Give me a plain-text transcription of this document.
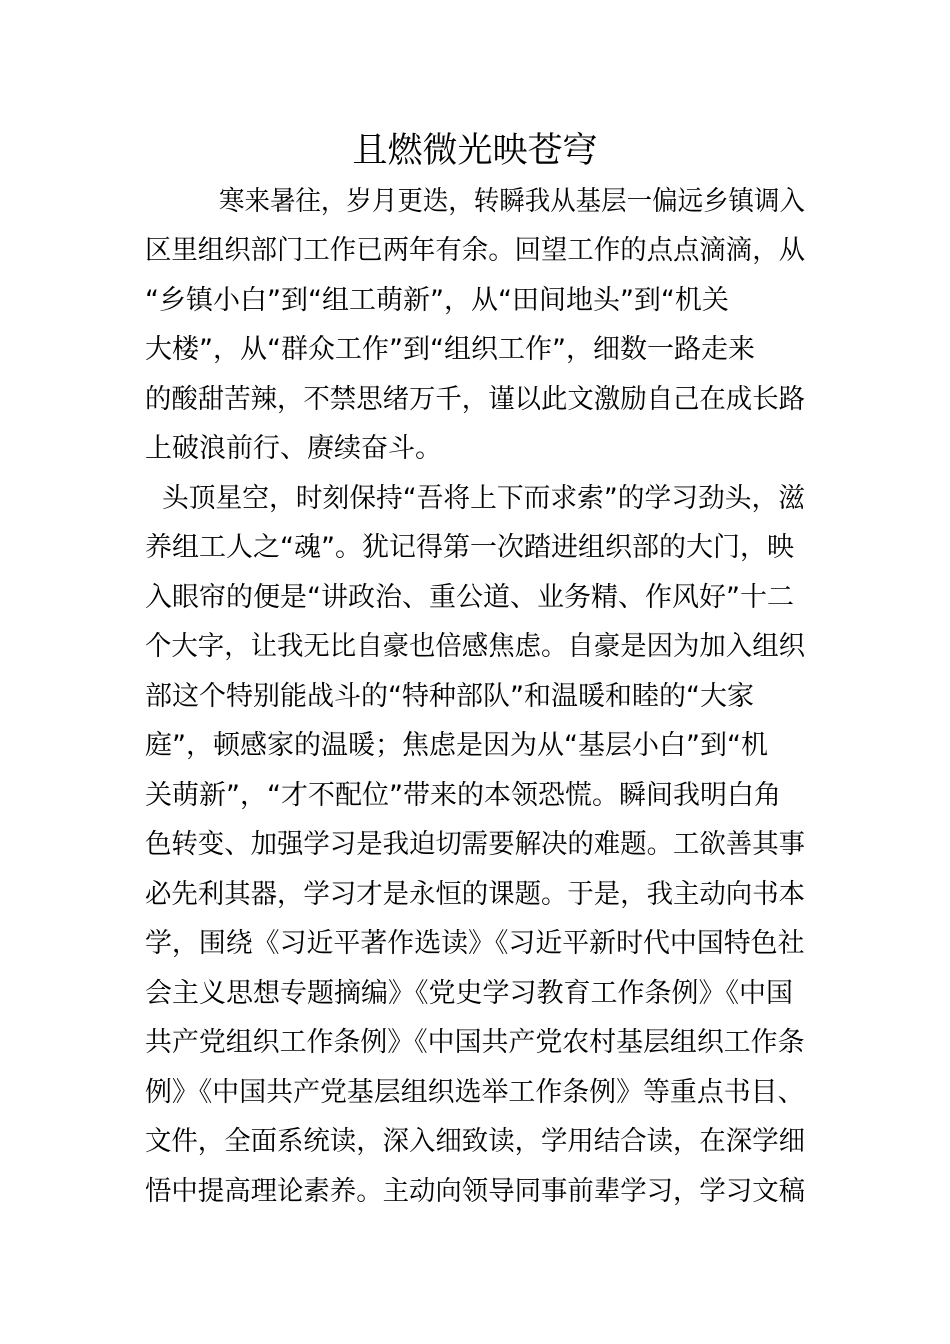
且燃微光映苍穹
寒来暑往，岁月更迭，转瞬我从基层一偏远乡镇调入
区里组织部门工作已两年有余。回望工作的点点滴滴，从
“乡镇小白”到“组工萌新”，从“田间地头”到“机关
大楼”，从“群众工作”到“组织工作”，细数一路走来
的酸甜苦辣，不禁思绪万千，谨以此文激励自己在成长路
上破浪前行、赓续奋斗。
头顶星空，时刻保持“吾将上下而求索”的学习劲头，滋
养组工人之“魂”。犹记得第一次踏进组织部的大门，映
入眼帘的便是“讲政治、重公道、业务精、作风好”十二
个大字，让我无比自豪也倍感焦虑。自豪是因为加入组织
部这个特别能战斗的“特种部队”和温暖和睦的“大家
庭”，顿感家的温暖；焦虑是因为从“基层小白”到“机
关萌新”，“才不配位”带来的本领恐慌。瞬间我明白角
色转变、加强学习是我迫切需要解决的难题。工欲善其事
必先利其器，学习才是永恒的课题。于是，我主动向书本
学，围绕《习近平著作选读》《习近平新时代中国特色社
会主义思想专题摘编》《党史学习教育工作条例》《中国
共产党组织工作条例》《中国共产党农村基层组织工作条
例》《中国共产党基层组织选举工作条例》等重点书目、
文件，全面系统读，深入细致读，学用结合读，在深学细
悟中提高理论素养。主动向领导同事前辈学习，学习文稿
